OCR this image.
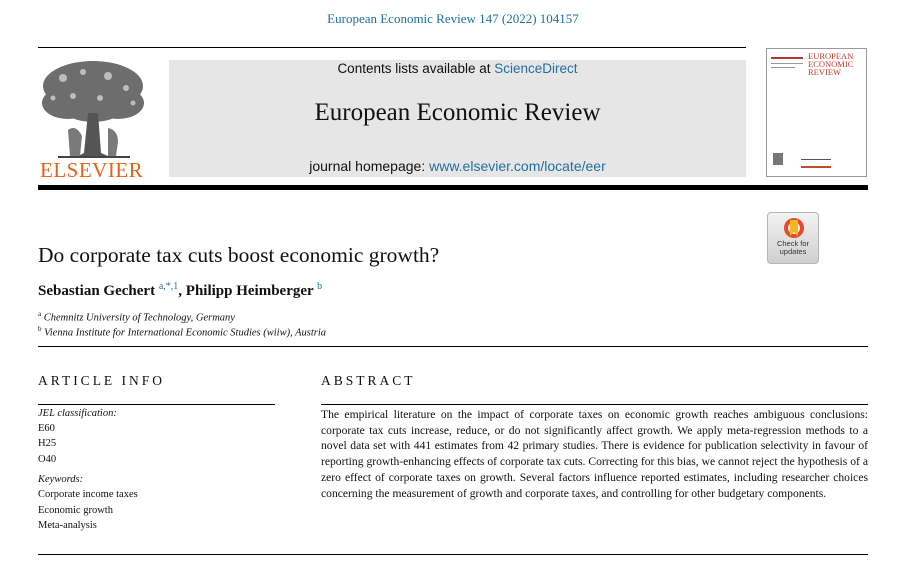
European Economic Review 147 (2022) 104157
ELSEVIER
Contents lists available at ScienceDirect
European Economic Review
journal homepage: www.elsevier.com/locate/eer
EUROPEAN
ECONOMIC
REVIEW
Check for
updates
Do corporate tax cuts boost economic growth?
Sebastian Gechert $^{a,*,1}$, Philipp Heimberger $^b$
$^a$ Chemnitz University of Technology, Germany
$^b$ Vienna Institute for International Economic Studies (wiiw), Austria
ARTICLE INFO	ABSTRACT
JEL classification:
E60
H25
O40
Keywords:
Corporate income taxes
Economic growth
Meta-analysis
The empirical literature on the impact of corporate taxes on economic growth reaches ambiguous conclusions: corporate tax cuts increase, reduce, or do not significantly affect growth. We apply meta-regression methods to a novel data set with 441 estimates from 42 primary studies. There is evidence for publication selectivity in favour of reporting growth-enhancing effects of corporate tax cuts. Correcting for this bias, we cannot reject the hypothesis of a zero effect of corporate taxes on growth. Several factors influence reported estimates, including researcher choices concerning the measurement of growth and corporate taxes, and controlling for other budgetary components.
